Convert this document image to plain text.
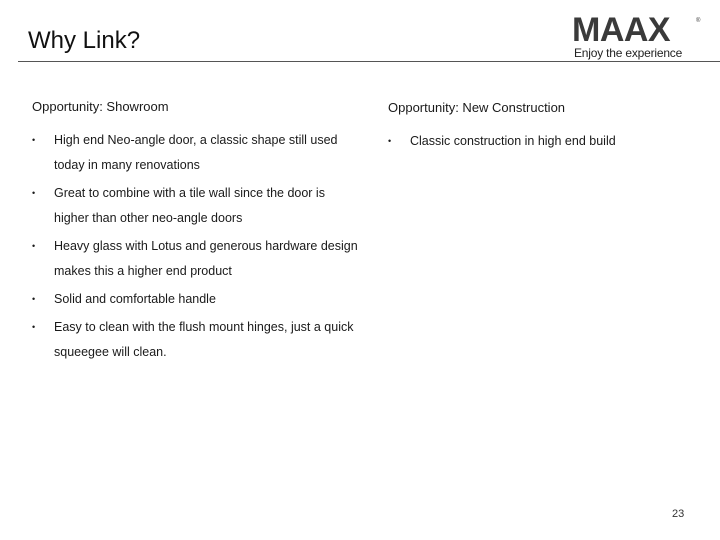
Why Link?	MAAX	®
Enjoy the experience
Opportunity: Showroom
• High end Neo-angle door, a classic shape still used today in many renovations
• Great to combine with a tile wall since the door is higher than other neo-angle doors
• Heavy glass with Lotus and generous hardware design makes this a higher end product
• Solid and comfortable handle
• Easy to clean with the flush mount hinges, just a quick squeegee will clean.
Opportunity: New Construction
• Classic construction in high end build
23
